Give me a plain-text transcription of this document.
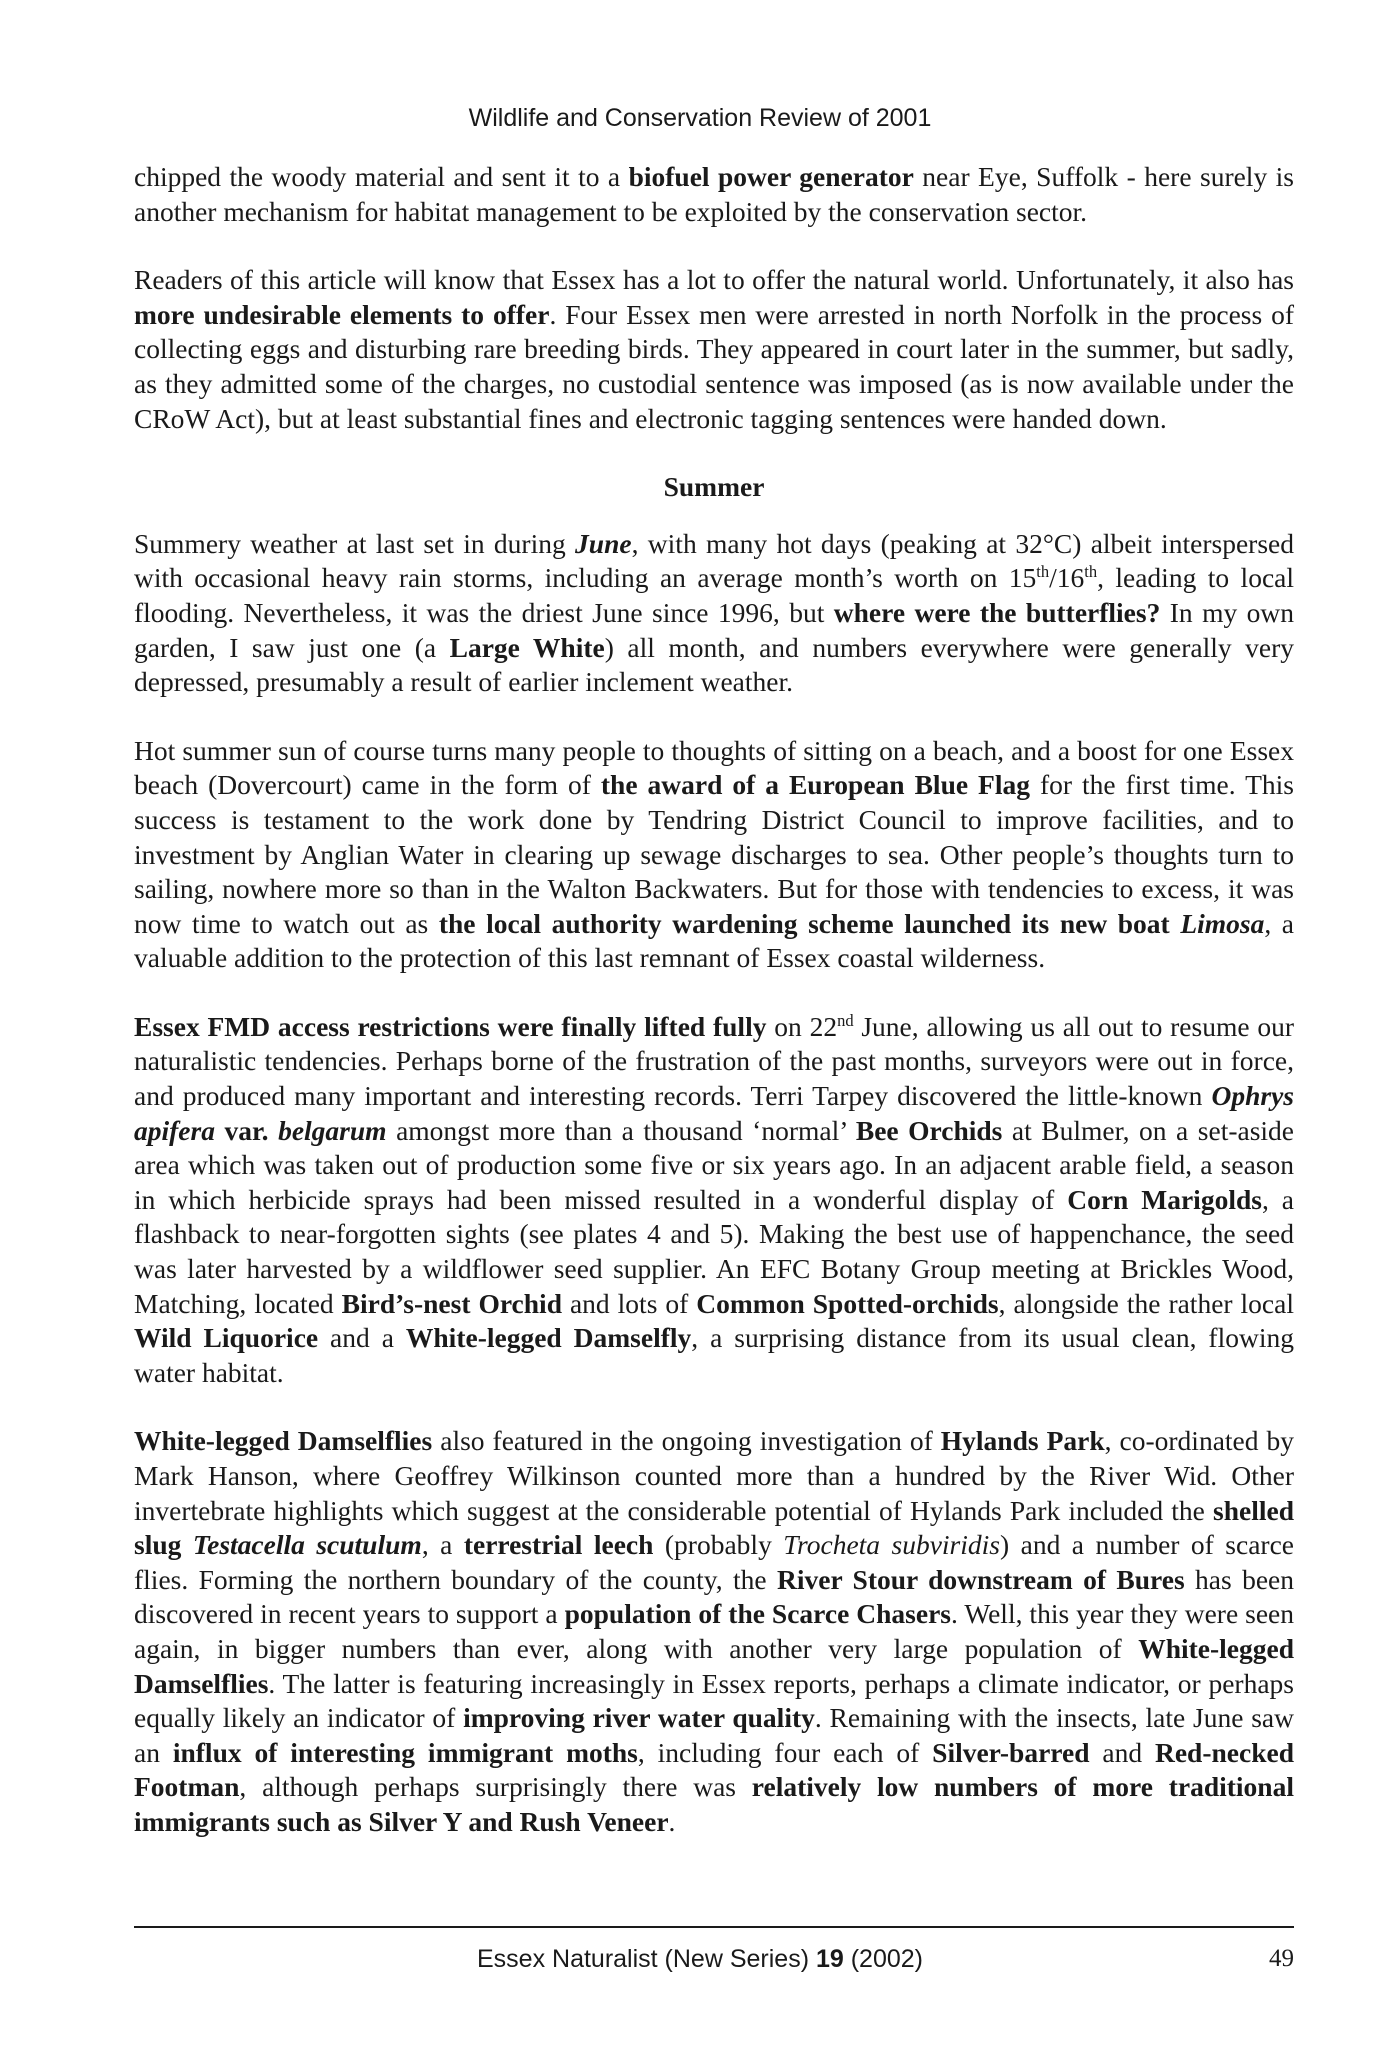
Wildlife and Conservation Review of 2001

chipped the woody material and sent it to a biofuel power generator near Eye, Suffolk - here surely is another mechanism for habitat management to be exploited by the conservation sector.

Readers of this article will know that Essex has a lot to offer the natural world. Unfortunately, it also has more undesirable elements to offer. Four Essex men were arrested in north Norfolk in the process of collecting eggs and disturbing rare breeding birds. They appeared in court later in the summer, but sadly, as they admitted some of the charges, no custodial sentence was imposed (as is now available under the CRoW Act), but at least substantial fines and electronic tagging sentences were handed down.

Summer

Summery weather at last set in during June, with many hot days (peaking at 32°C) albeit interspersed with occasional heavy rain storms, including an average month’s worth on 15th/16th, leading to local flooding. Nevertheless, it was the driest June since 1996, but where were the butterflies? In my own garden, I saw just one (a Large White) all month, and numbers everywhere were generally very depressed, presumably a result of earlier inclement weather.

Hot summer sun of course turns many people to thoughts of sitting on a beach, and a boost for one Essex beach (Dovercourt) came in the form of the award of a European Blue Flag for the first time. This success is testament to the work done by Tendring District Council to improve facilities, and to investment by Anglian Water in clearing up sewage discharges to sea. Other people’s thoughts turn to sailing, nowhere more so than in the Walton Backwaters. But for those with tendencies to excess, it was now time to watch out as the local authority wardening scheme launched its new boat Limosa, a valuable addition to the protection of this last remnant of Essex coastal wilderness.

Essex FMD access restrictions were finally lifted fully on 22nd June, allowing us all out to resume our naturalistic tendencies. Perhaps borne of the frustration of the past months, surveyors were out in force, and produced many important and interesting records. Terri Tarpey discovered the little-known Ophrys apifera var. belgarum amongst more than a thousand ‘normal’ Bee Orchids at Bulmer, on a set-aside area which was taken out of production some five or six years ago. In an adjacent arable field, a season in which herbicide sprays had been missed resulted in a wonderful display of Corn Marigolds, a flashback to near-forgotten sights (see plates 4 and 5). Making the best use of happenchance, the seed was later harvested by a wildflower seed supplier. An EFC Botany Group meeting at Brickles Wood, Matching, located Bird’s-nest Orchid and lots of Common Spotted-orchids, alongside the rather local Wild Liquorice and a White-legged Damselfly, a surprising distance from its usual clean, flowing water habitat.

White-legged Damselflies also featured in the ongoing investigation of Hylands Park, co-ordinated by Mark Hanson, where Geoffrey Wilkinson counted more than a hundred by the River Wid. Other invertebrate highlights which suggest at the considerable potential of Hylands Park included the shelled slug Testacella scutulum, a terrestrial leech (probably Trocheta subviridis) and a number of scarce flies. Forming the northern boundary of the county, the River Stour downstream of Bures has been discovered in recent years to support a population of the Scarce Chasers. Well, this year they were seen again, in bigger numbers than ever, along with another very large population of White-legged Damselflies. The latter is featuring increasingly in Essex reports, perhaps a climate indicator, or perhaps equally likely an indicator of improving river water quality. Remaining with the insects, late June saw an influx of interesting immigrant moths, including four each of Silver-barred and Red-necked Footman, although perhaps surprisingly there was relatively low numbers of more traditional immigrants such as Silver Y and Rush Veneer.

Essex Naturalist (New Series) 19 (2002)	49
